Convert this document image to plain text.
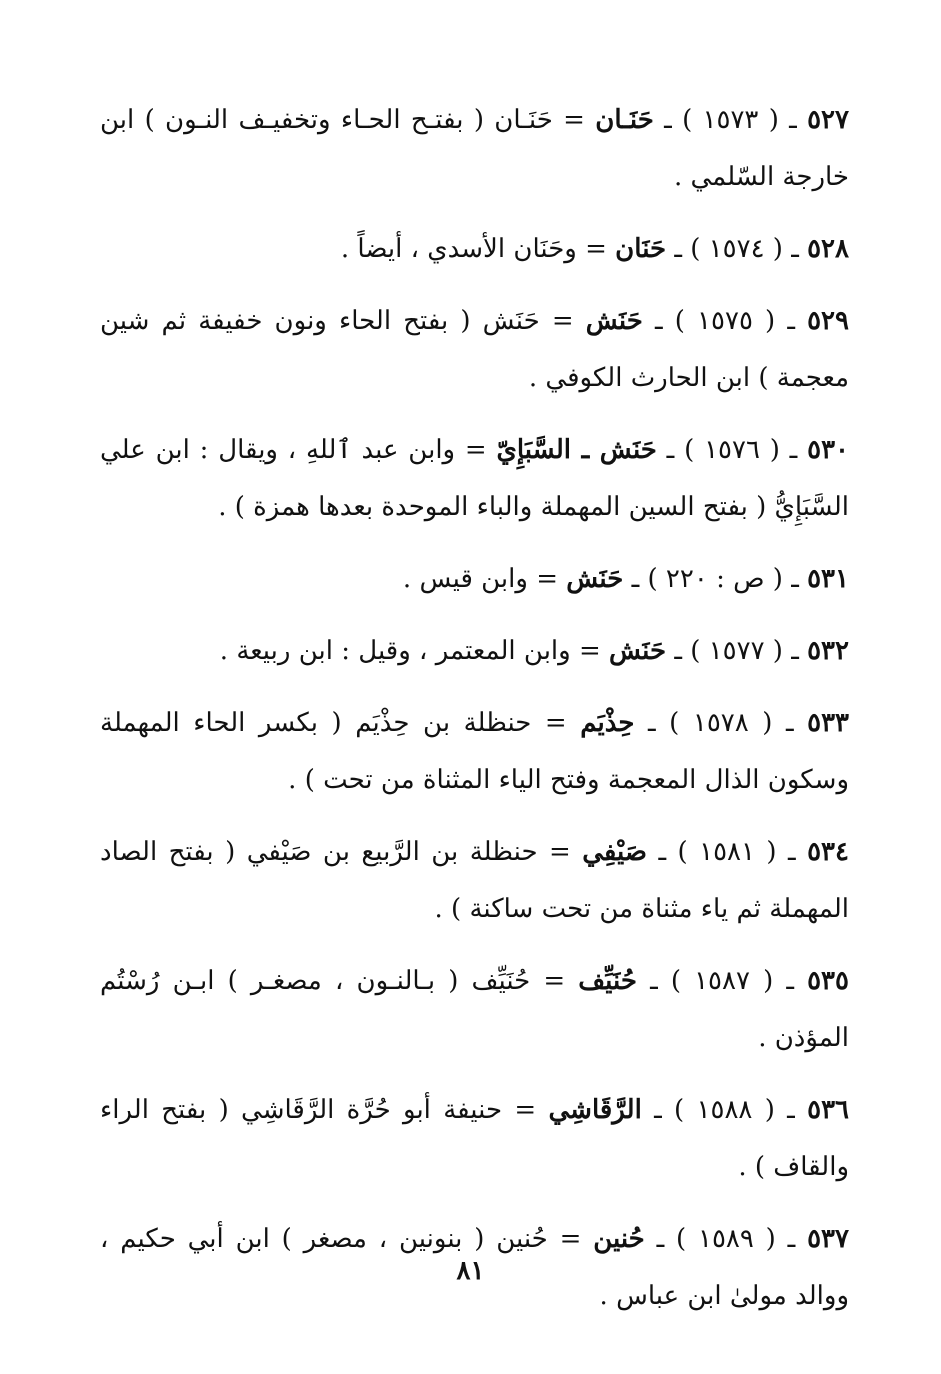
٥٢٧ ـ ( ١٥٧٣ ) ـ حَنَـان = حَنَـان ( بفتـح الحـاء وتخفيـف النـون ) ابن خارجة السّلمي .
٥٢٨ ـ ( ١٥٧٤ ) ـ حَنَان = وحَنَان الأسدي ، أيضاً .
٥٢٩ ـ ( ١٥٧٥ ) ـ حَنَش = حَنَش ( بفتح الحاء ونون خفيفة ثم شين معجمة ) ابن الحارث الكوفي .
٥٣٠ ـ ( ١٥٧٦ ) ـ حَنَش ـ السَّبَإِيّ = وابن عبد ٱللهِ ، ويقال : ابن علي السَّبَإِيُّ ( بفتح السين المهملة والباء الموحدة بعدها همزة ) .
٥٣١ ـ ( ص : ٢٢٠ ) ـ حَنَش = وابن قيس .
٥٣٢ ـ ( ١٥٧٧ ) ـ حَنَش = وابن المعتمر ، وقيل : ابن ربيعة .
٥٣٣ ـ ( ١٥٧٨ ) ـ حِذْيَم = حنظلة بن حِذْيَم ( بكسر الحاء المهملة وسكون الذال المعجمة وفتح الياء المثناة من تحت ) .
٥٣٤ ـ ( ١٥٨١ ) ـ صَيْفِي = حنظلة بن الرَّبيع بن صَيْفي ( بفتح الصاد المهملة ثم ياء مثناة من تحت ساكنة ) .
٥٣٥ ـ ( ١٥٨٧ ) ـ حُنَيِّف = حُنَيِّف ( بـالنـون ، مصغـر ) ابـن رُسْتُم المؤذن .
٥٣٦ ـ ( ١٥٨٨ ) ـ الرَّقَاشِي = حنيفة أبو حُرَّة الرَّقَاشِي ( بفتح الراء والقاف ) .
٥٣٧ ـ ( ١٥٨٩ ) ـ حُنين = حُنين ( بنونين ، مصغر ) ابن أبي حكيم ، ووالد مولىٰ ابن عباس .
٨١
